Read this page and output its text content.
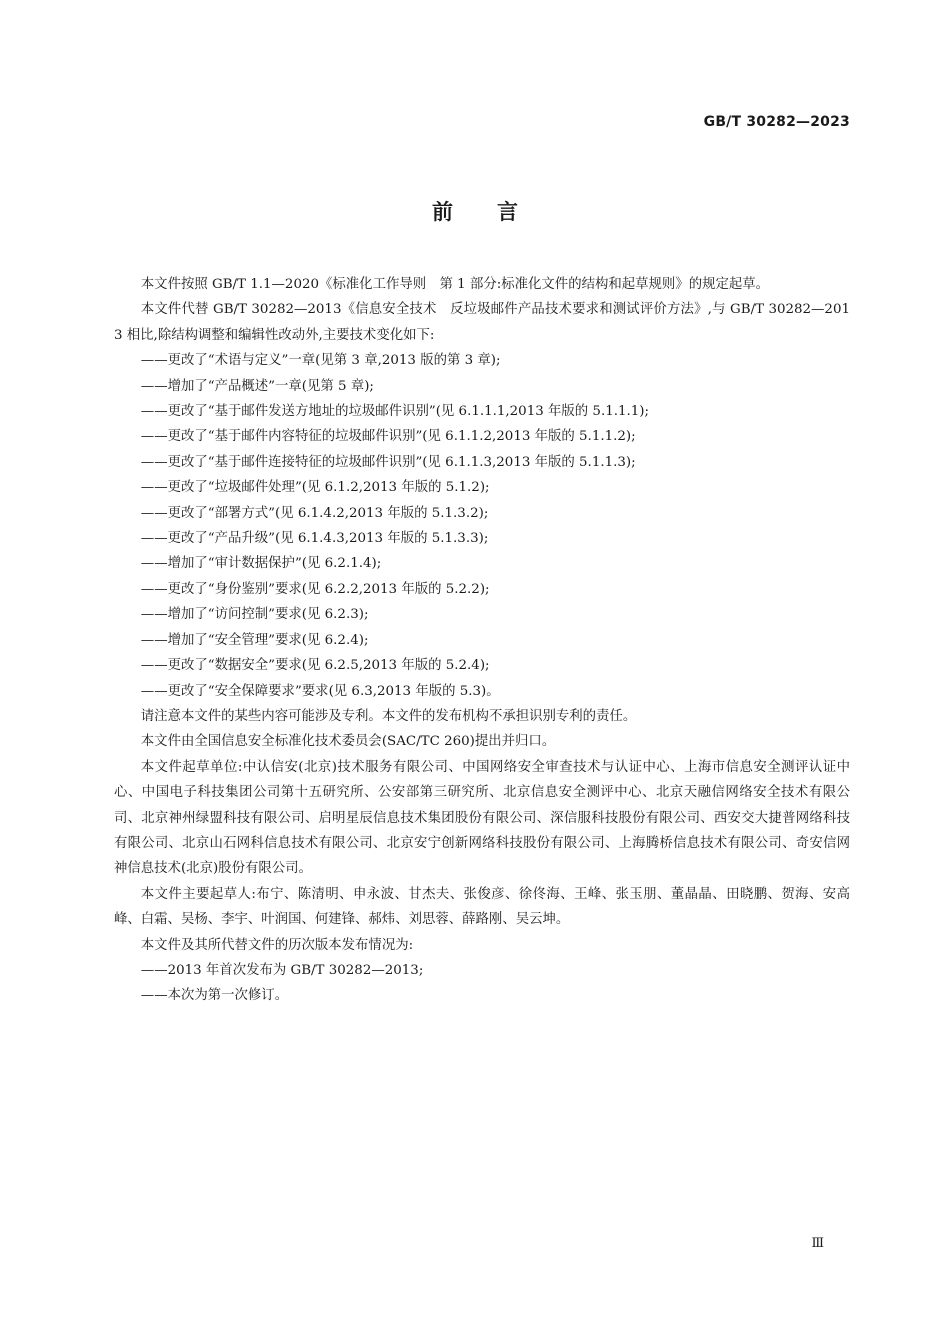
GB/T 30282—2023
前言

本文件按照 GB/T 1.1—2020《标准化工作导则　第 1 部分:标准化文件的结构和起草规则》的规定起草。

本文件代替 GB/T 30282—2013《信息安全技术　反垃圾邮件产品技术要求和测试评价方法》,与 GB/T 30282—2013 相比,除结构调整和编辑性改动外,主要技术变化如下:

——更改了“术语与定义”一章(见第 3 章,2013 版的第 3 章);

——增加了“产品概述”一章(见第 5 章);

——更改了“基于邮件发送方地址的垃圾邮件识别”(见 6.1.1.1,2013 年版的 5.1.1.1);

——更改了“基于邮件内容特征的垃圾邮件识别”(见 6.1.1.2,2013 年版的 5.1.1.2);

——更改了“基于邮件连接特征的垃圾邮件识别”(见 6.1.1.3,2013 年版的 5.1.1.3);

——更改了“垃圾邮件处理”(见 6.1.2,2013 年版的 5.1.2);

——更改了“部署方式”(见 6.1.4.2,2013 年版的 5.1.3.2);

——更改了“产品升级”(见 6.1.4.3,2013 年版的 5.1.3.3);

——增加了“审计数据保护”(见 6.2.1.4);

——更改了“身份鉴别”要求(见 6.2.2,2013 年版的 5.2.2);

——增加了“访问控制”要求(见 6.2.3);

——增加了“安全管理”要求(见 6.2.4);

——更改了“数据安全”要求(见 6.2.5,2013 年版的 5.2.4);

——更改了“安全保障要求”要求(见 6.3,2013 年版的 5.3)。

请注意本文件的某些内容可能涉及专利。本文件的发布机构不承担识别专利的责任。

本文件由全国信息安全标准化技术委员会(SAC/TC 260)提出并归口。

本文件起草单位:中认信安(北京)技术服务有限公司、中国网络安全审查技术与认证中心、上海市信息安全测评认证中心、中国电子科技集团公司第十五研究所、公安部第三研究所、北京信息安全测评中心、北京天融信网络安全技术有限公司、北京神州绿盟科技有限公司、启明星辰信息技术集团股份有限公司、深信服科技股份有限公司、西安交大捷普网络科技有限公司、北京山石网科信息技术有限公司、北京安宁创新网络科技股份有限公司、上海腾桥信息技术有限公司、奇安信网神信息技术(北京)股份有限公司。

本文件主要起草人:布宁、陈清明、申永波、甘杰夫、张俊彦、徐佟海、王峰、张玉朋、董晶晶、田晓鹏、贺海、安高峰、白霜、吴杨、李宇、叶润国、何建锋、郝炜、刘思蓉、薛路刚、吴云坤。

本文件及其所代替文件的历次版本发布情况为:

——2013 年首次发布为 GB/T 30282—2013;

——本次为第一次修订。

Ⅲ
